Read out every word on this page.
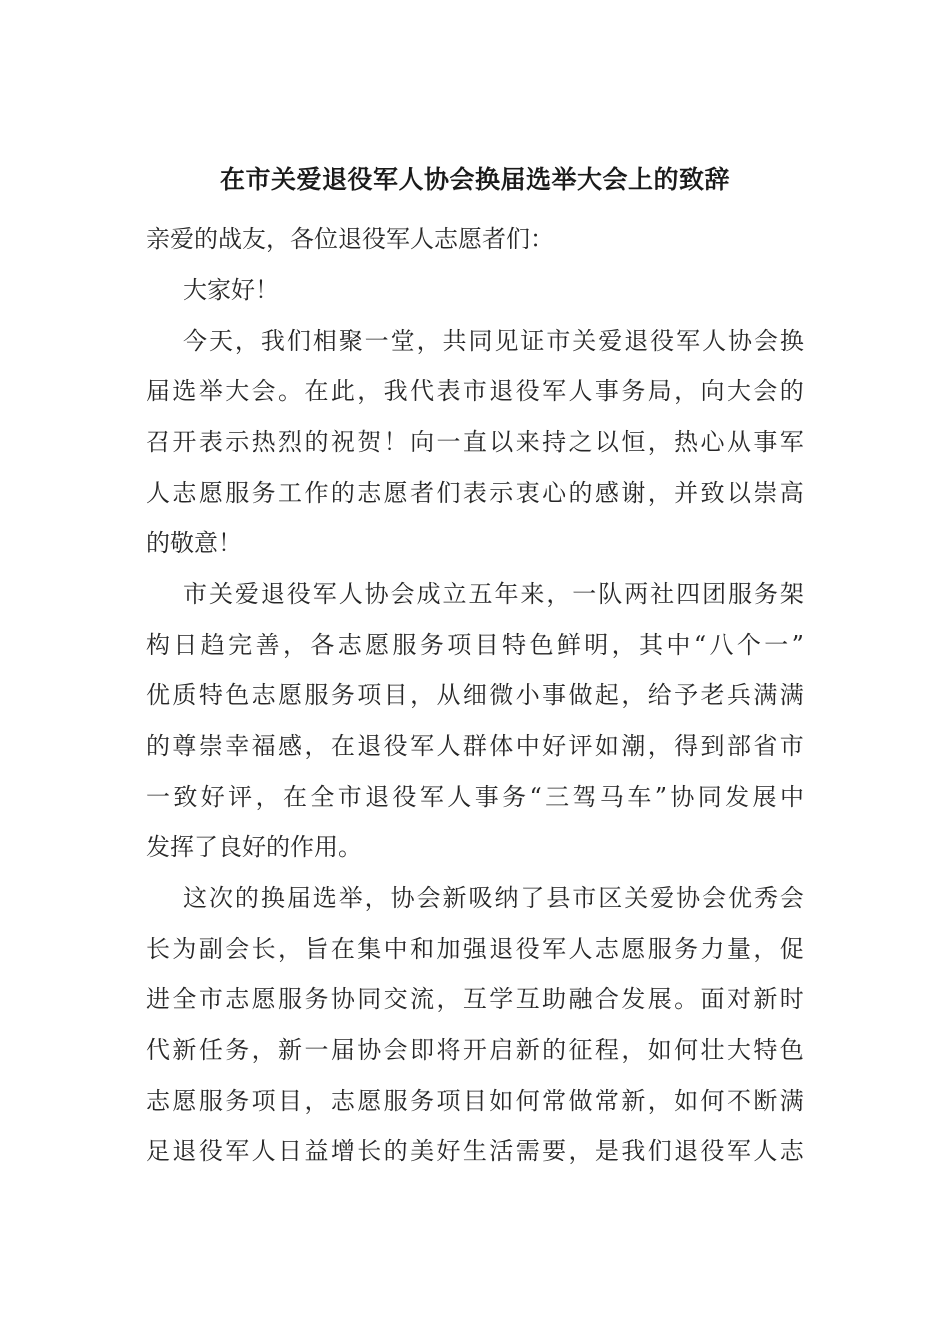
在市关爱退役军人协会换届选举大会上的致辞
亲爱的战友，各位退役军人志愿者们：
大家好！
今 天 ， 我 们 相 聚 一 堂 ， 共 同 见 证 市 关 爱 退 役 军 人 协 会 换
届 选 举 大 会 。 在 此 ， 我 代 表 市 退 役 军 人 事 务 局 ， 向 大 会 的
召 开 表 示 热 烈 的 祝 贺 ！ 向 一 直 以 来 持 之 以 恒 ， 热 心 从 事 军
人 志 愿 服 务 工 作 的 志 愿 者 们 表 示 衷 心 的 感 谢 ， 并 致 以 崇 高
的敬意！
市 关 爱 退 役 军 人 协 会 成 立 五 年 来 ， 一 队 两 社 四 团 服 务 架
构 日 趋 完 善 ， 各 志 愿 服 务 项 目 特 色 鲜 明 ， 其 中 “ 八 个 一 ”
优 质 特 色 志 愿 服 务 项 目 ， 从 细 微 小 事 做 起 ， 给 予 老 兵 满 满
的 尊 崇 幸 福 感 ， 在 退 役 军 人 群 体 中 好 评 如 潮 ， 得 到 部 省 市
一 致 好 评 ， 在 全 市 退 役 军 人 事 务 “ 三 驾 马 车 ” 协 同 发 展 中
发挥了良好的作用。
这 次 的 换 届 选 举 ， 协 会 新 吸 纳 了 县 市 区 关 爱 协 会 优 秀 会
长 为 副 会 长 ， 旨 在 集 中 和 加 强 退 役 军 人 志 愿 服 务 力 量 ， 促
进 全 市 志 愿 服 务 协 同 交 流 ， 互 学 互 助 融 合 发 展 。 面 对 新 时
代 新 任 务 ， 新 一 届 协 会 即 将 开 启 新 的 征 程 ， 如 何 壮 大 特 色
志 愿 服 务 项 目 ， 志 愿 服 务 项 目 如 何 常 做 常 新 ， 如 何 不 断 满
足 退 役 军 人 日 益 增 长 的 美 好 生 活 需 要 ， 是 我 们 退 役 军 人 志
